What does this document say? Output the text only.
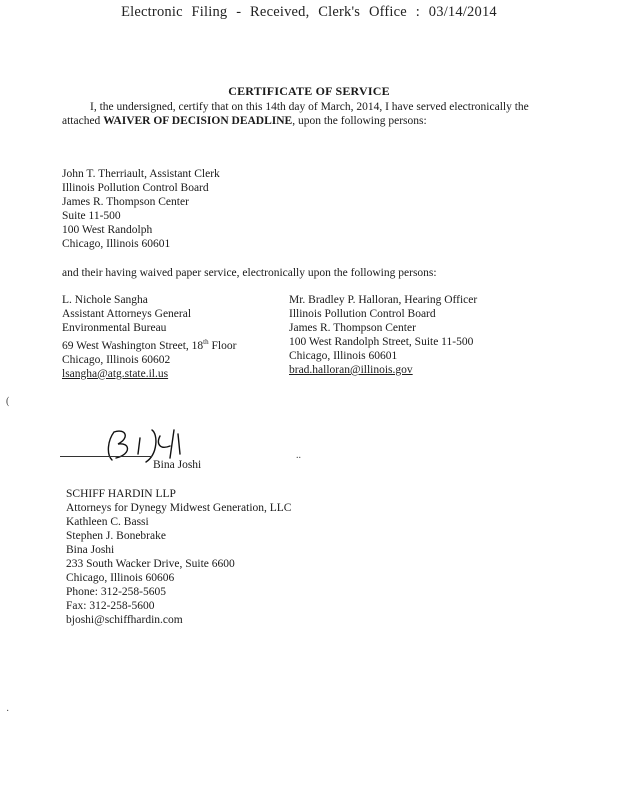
Electronic Filing - Received, Clerk's Office : 03/14/2014
CERTIFICATE OF SERVICE
I, the undersigned, certify that on this 14th day of March, 2014, I have served electronically the attached WAIVER OF DECISION DEADLINE, upon the following persons:
John T. Therriault, Assistant Clerk
Illinois Pollution Control Board
James R. Thompson Center
Suite 11-500
100 West Randolph
Chicago, Illinois 60601
and their having waived paper service, electronically upon the following persons:
L. Nichole Sangha
Assistant Attorneys General
Environmental Bureau
69 West Washington Street, 18th Floor
Chicago, Illinois 60602
lsangha@atg.state.il.us
Mr. Bradley P. Halloran, Hearing Officer
Illinois Pollution Control Board
James R. Thompson Center
100 West Randolph Street, Suite 11-500
Chicago, Illinois 60601
brad.halloran@illinois.gov
(
·
..
Bina Joshi
SCHIFF HARDIN LLP
Attorneys for Dynegy Midwest Generation, LLC
Kathleen C. Bassi
Stephen J. Bonebrake
Bina Joshi
233 South Wacker Drive, Suite 6600
Chicago, Illinois 60606
Phone: 312-258-5605
Fax: 312-258-5600
bjoshi@schiffhardin.com
